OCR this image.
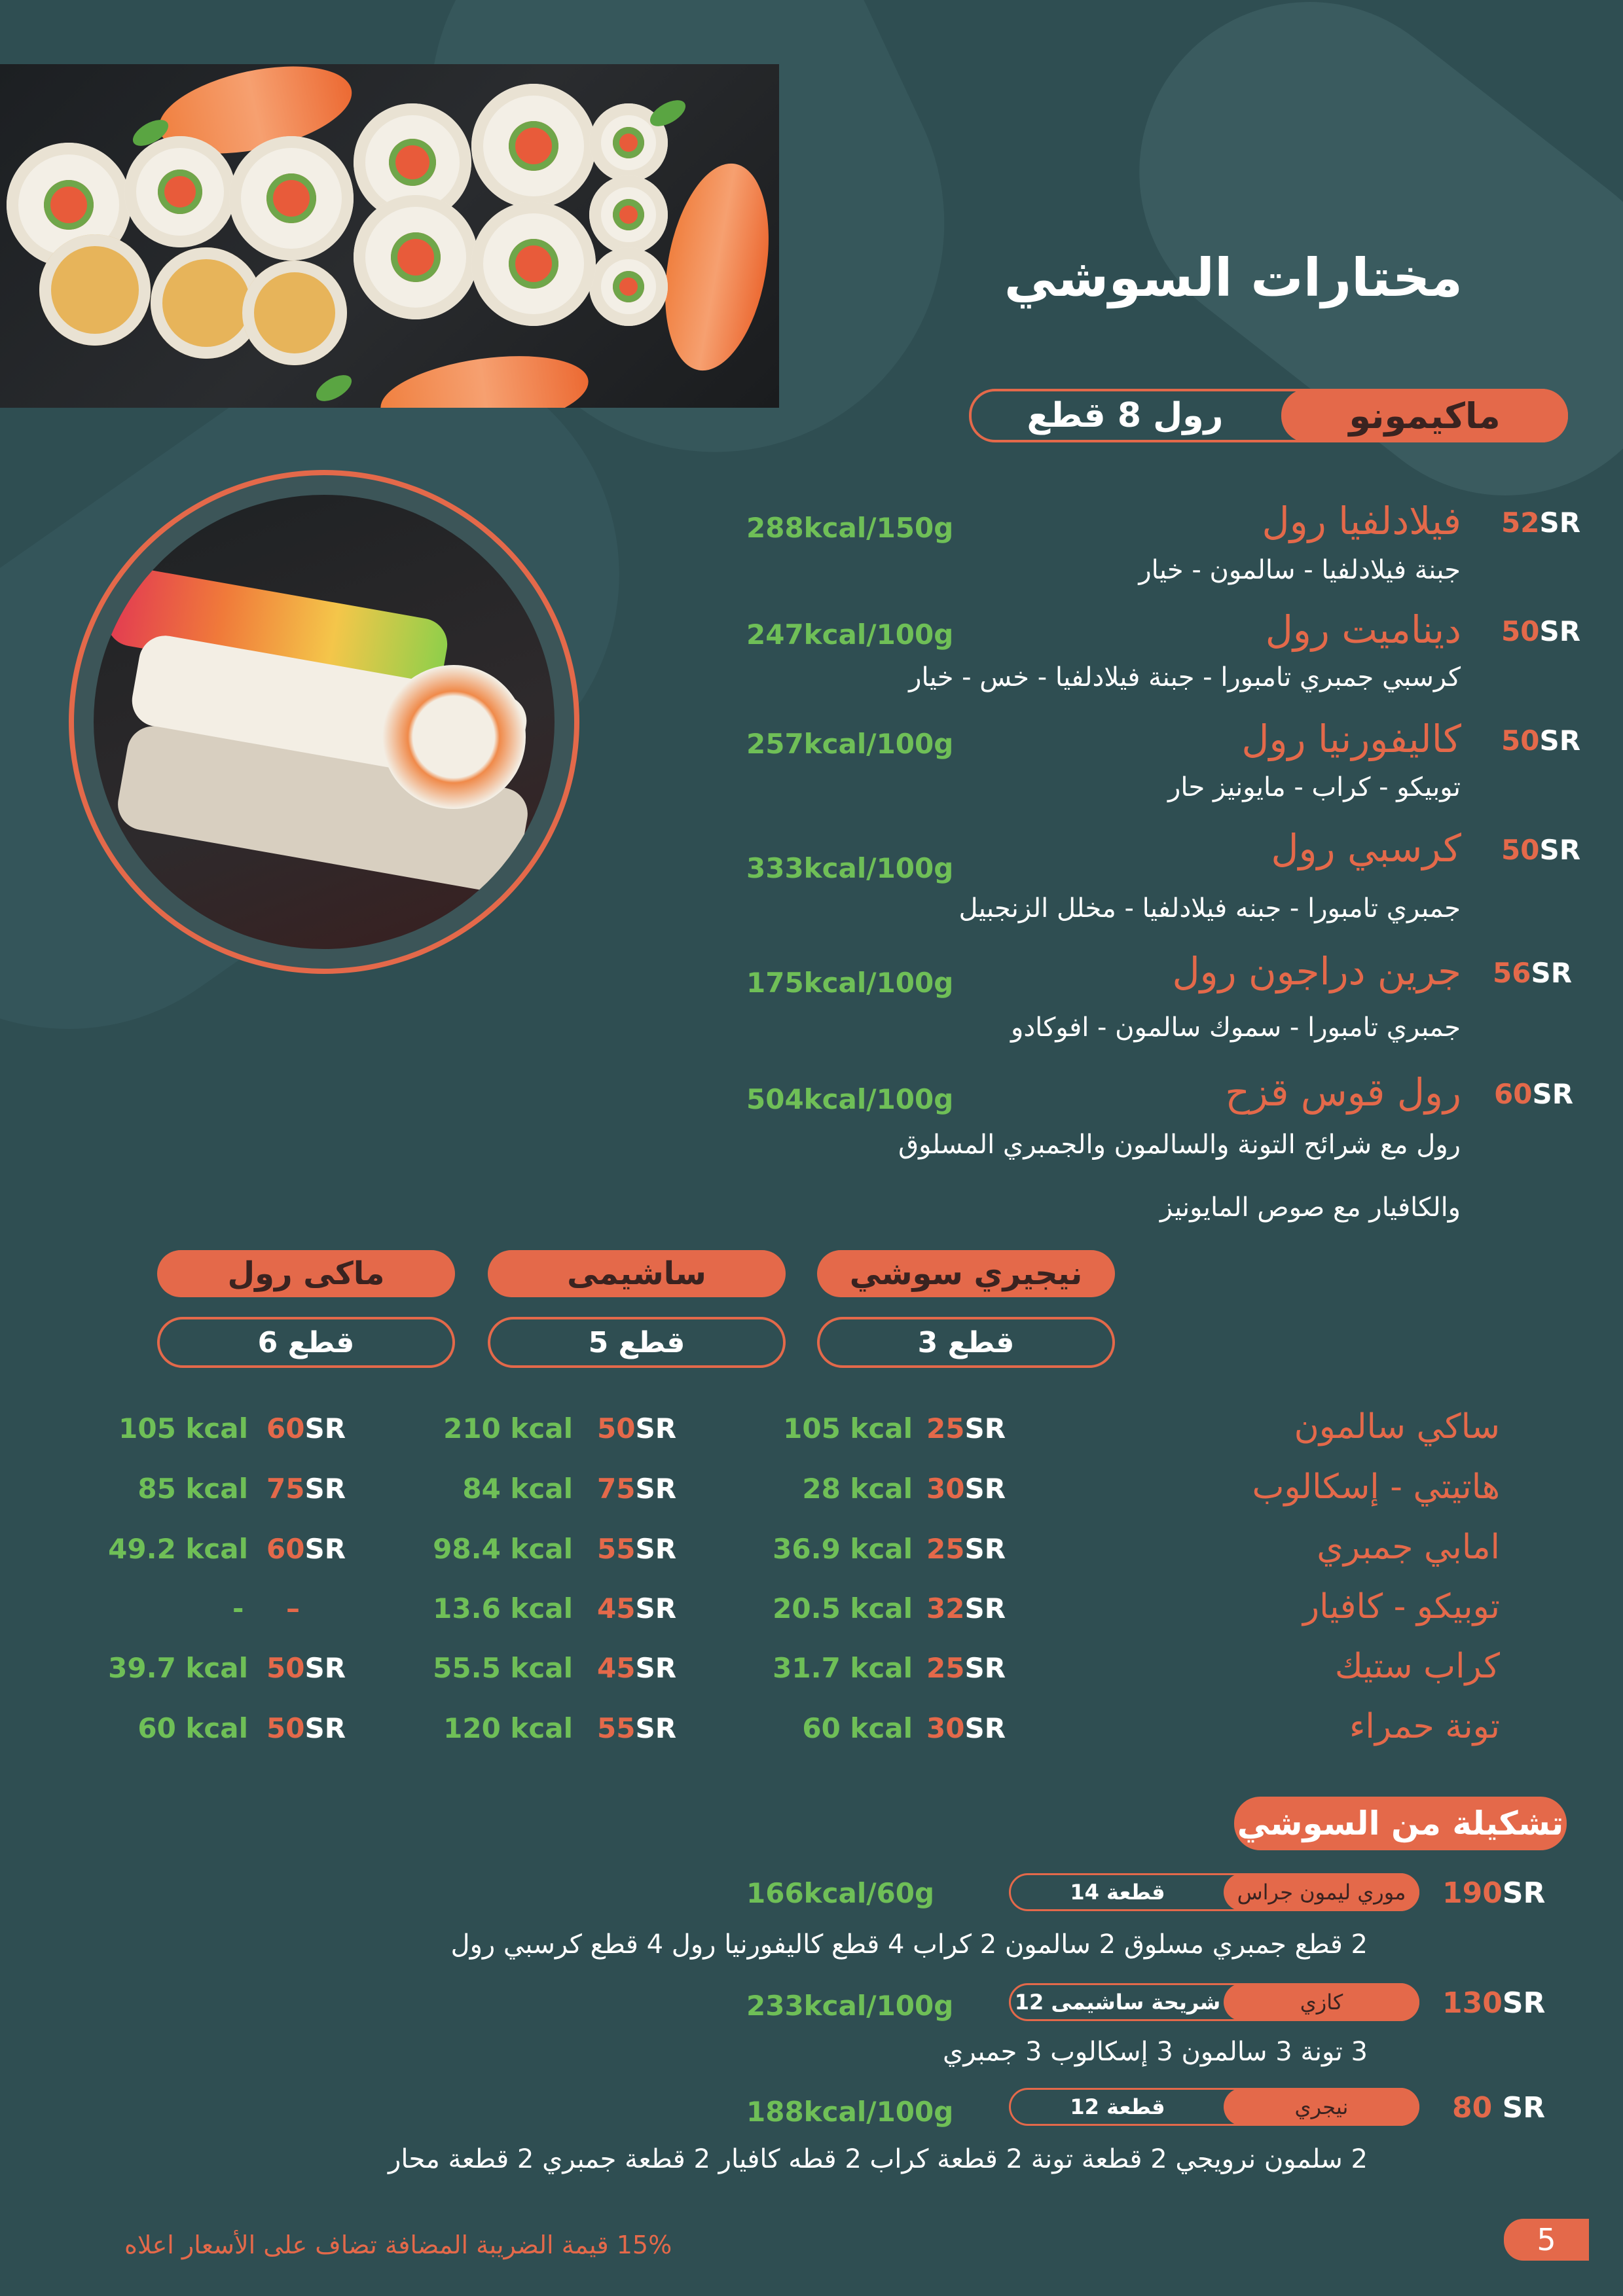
مختارات السوشي
ماكيمونو
رول 8 قطع
52SR
فيلادلفيا رول
288kcal/150g
جبنة فيلادلفيا - سالمون - خيار
50SR
ديناميت رول
247kcal/100g
كرسبي جمبري تامبورا - جبنة فيلادلفيا - خس - خيار
50SR
كاليفورنيا رول
257kcal/100g
توبيكو - كراب - مايونيز حار
50SR
كرسبي رول
333kcal/100g
جمبري تامبورا - جبنه فيلادلفيا - مخلل الزنجبيل
56SR
جرين دراجون رول
175kcal/100g
جمبري تامبورا - سموك سالمون - افوكادو
60SR
رول قوس قزح
504kcal/100g
رول مع شرائح التونة والسالمون والجمبري المسلوق
والكافيار مع صوص المايونيز
نيجيري سوشي
3 قطع
ساشيمى
5 قطع
ماكى رول
6 قطع
ساكي سالمون
25SR
105 kcal
50SR
210 kcal
60SR
105 kcal
هاتيتي - إسكالوب
30SR
28 kcal
75SR
84 kcal
75SR
85 kcal
امابي جمبري
25SR
36.9 kcal
55SR
98.4 kcal
60SR
49.2 kcal
توبيكو - كافيار
32SR
20.5 kcal
45SR
13.6 kcal
–
-
كراب ستيك
25SR
31.7 kcal
45SR
55.5 kcal
50SR
39.7 kcal
تونة حمراء
30SR
60 kcal
55SR
120 kcal
50SR
60 kcal
تشكيلة من السوشي
190SR
موري ليمون جراس
14 قطعة
166kcal/60g
2 قطع جمبري مسلوق 2 سالمون 2 كراب 4 قطع كاليفورنيا رول 4 قطع كرسبي رول
130SR
كازي
12 شريحة ساشيمى
233kcal/100g
3 تونة 3 سالمون 3 إسكالوب 3 جمبري
80 SR
نيجري
12 قطعة
188kcal/100g
2 سلمون نرويجي 2 قطعة تونة 2 قطعة كراب 2 قطه كافيار 2 قطعة جمبري 2 قطعة محار
15% قيمة الضريبة المضافة تضاف على الأسعار اعلاه	5
